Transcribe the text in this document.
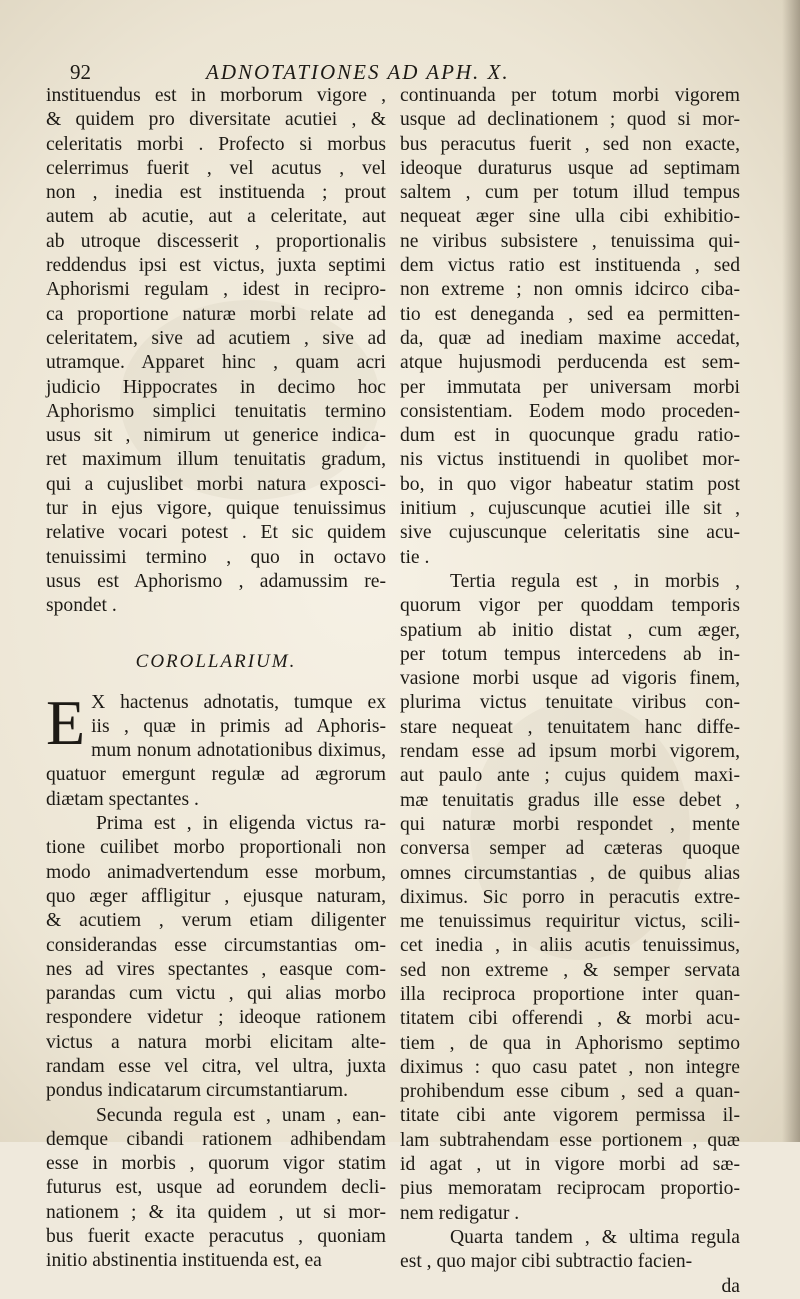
92	ADNOTATIONES AD APH. X.
instituendus est in morborum vigore ,
& quidem pro diversitate acutiei , &
celeritatis morbi . Profecto si morbus
celerrimus fuerit , vel acutus , vel
non , inedia est instituenda ; prout
autem ab acutie, aut a celeritate, aut
ab utroque discesserit , proportionalis
reddendus ipsi est victus, juxta septimi
Aphorismi regulam , idest in recipro-
ca proportione naturæ morbi relate ad
celeritatem, sive ad acutiem , sive ad
utramque. Apparet hinc , quam acri
judicio Hippocrates in decimo hoc
Aphorismo simplici tenuitatis termino
usus sit , nimirum ut generice indica-
ret maximum illum tenuitatis gradum,
qui a cujuslibet morbi natura exposci-
tur in ejus vigore, quique tenuissimus
relative vocari potest . Et sic quidem
tenuissimi termino , quo in octavo
usus est Aphorismo , adamussim re-
spondet .
COROLLARIUM.
E X hactenus adnotatis, tumque ex
iis , quæ in primis ad Aphoris-
mum nonum adnotationibus diximus,
quatuor emergunt regulæ ad ægrorum
diætam spectantes .
Prima est , in eligenda victus ra-
tione cuilibet morbo proportionali non
modo animadvertendum esse morbum,
quo æger affligitur , ejusque naturam,
& acutiem , verum etiam diligenter
considerandas esse circumstantias om-
nes ad vires spectantes , easque com-
parandas cum victu , qui alias morbo
respondere videtur ; ideoque rationem
victus a natura morbi elicitam alte-
randam esse vel citra, vel ultra, juxta
pondus indicatarum circumstantiarum.
Secunda regula est , unam , ean-
demque cibandi rationem adhibendam
esse in morbis , quorum vigor statim
futurus est, usque ad eorundem decli-
nationem ; & ita quidem , ut si mor-
bus fuerit exacte peracutus , quoniam
initio abstinentia instituenda est, ea
continuanda per totum morbi vigorem
usque ad declinationem ; quod si mor-
bus peracutus fuerit , sed non exacte,
ideoque duraturus usque ad septimam
saltem , cum per totum illud tempus
nequeat æger sine ulla cibi exhibitio-
ne viribus subsistere , tenuissima qui-
dem victus ratio est instituenda , sed
non extreme ; non omnis idcirco ciba-
tio est deneganda , sed ea permitten-
da, quæ ad inediam maxime accedat,
atque hujusmodi perducenda est sem-
per immutata per universam morbi
consistentiam. Eodem modo proceden-
dum est in quocunque gradu ratio-
nis victus instituendi in quolibet mor-
bo, in quo vigor habeatur statim post
initium , cujuscunque acutiei ille sit ,
sive cujuscunque celeritatis sine acu-
tie .
Tertia regula est , in morbis ,
quorum vigor per quoddam temporis
spatium ab initio distat , cum æger,
per totum tempus intercedens ab in-
vasione morbi usque ad vigoris finem,
plurima victus tenuitate viribus con-
stare nequeat , tenuitatem hanc diffe-
rendam esse ad ipsum morbi vigorem,
aut paulo ante ; cujus quidem maxi-
mæ tenuitatis gradus ille esse debet ,
qui naturæ morbi respondet , mente
conversa semper ad cæteras quoque
omnes circumstantias , de quibus alias
diximus. Sic porro in peracutis extre-
me tenuissimus requiritur victus, scili-
cet inedia , in aliis acutis tenuissimus,
sed non extreme , & semper servata
illa reciproca proportione inter quan-
titatem cibi offerendi , & morbi acu-
tiem , de qua in Aphorismo septimo
diximus : quo casu patet , non integre
prohibendum esse cibum , sed a quan-
titate cibi ante vigorem permissa il-
lam subtrahendam esse portionem , quæ
id agat , ut in vigore morbi ad sæ-
pius memoratam reciprocam proportio-
nem redigatur .
Quarta tandem , & ultima regula
est , quo major cibi subtractio facien-
da
